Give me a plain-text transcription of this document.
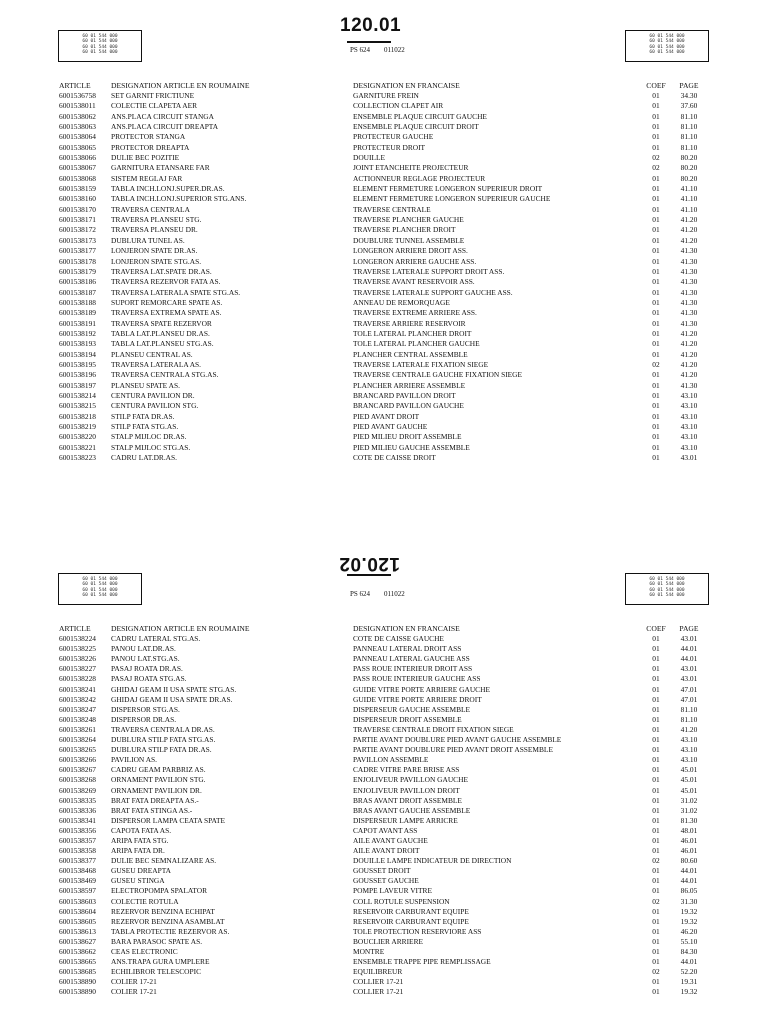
60 01 544 000
60 01 544 000
60 01 544 000
60 01 544 000
120.01
PS 624 011022
60 01 544 000
60 01 544 000
60 01 544 000
60 01 544 000
ARTICLE	DESIGNATION ARTICLE EN ROUMAINE	DESIGNATION EN FRANCAISE	COEF	PAGE
6001536758 SET GARNIT FRICTIUNE	GARNITURE FREIN	01	34.30
6001538011 COLECTIE CLAPETA AER	COLLECTION CLAPET AIR	01	37.60
6001538062 ANS.PLACA CIRCUIT STANGA	ENSEMBLE PLAQUE CIRCUIT GAUCHE	01	81.10
6001538063 ANS.PLACA CIRCUIT DREAPTA	ENSEMBLE PLAQUE CIRCUIT DROIT	01	81.10
6001538064 PROTECTOR STANGA	PROTECTEUR GAUCHE	01	81.10
6001538065 PROTECTOR DREAPTA	PROTECTEUR DROIT	01	81.10
6001538066 DULIE BEC POZITIE	DOUILLE	02	80.20
6001538067 GARNITURA ETANSARE FAR	JOINT ETANCHEITE PROJECTEUR	02	80.20
6001538068 SISTEM REGLAJ FAR	ACTIONNEUR REGLAGE PROJECTEUR	01	80.20
6001538159 TABLA INCH.LONJ.SUPER.DR.AS.	ELEMENT FERMETURE LONGERON SUPERIEUR DROIT	01	41.10
6001538160 TABLA INCH.LONJ.SUPERIOR STG.ANS.	ELEMENT FERMETURE LONGERON SUPERIEUR GAUCHE	01	41.10
6001538170 TRAVERSA CENTRALA	TRAVERSE CENTRALE	01	41.10
6001538171 TRAVERSA PLANSEU STG.	TRAVERSE PLANCHER GAUCHE	01	41.20
6001538172 TRAVERSA PLANSEU DR.	TRAVERSE PLANCHER DROIT	01	41.20
6001538173 DUBLURA TUNEL AS.	DOUBLURE TUNNEL ASSEMBLE	01	41.20
6001538177 LONJERON SPATE DR.AS.	LONGERON ARRIERE DROIT ASS.	01	41.30
6001538178 LONJERON SPATE STG.AS.	LONGERON ARRIERE GAUCHE ASS.	01	41.30
6001538179 TRAVERSA LAT.SPATE DR.AS.	TRAVERSE LATERALE SUPPORT DROIT ASS.	01	41.30
6001538186 TRAVERSA REZERVOR FATA AS.	TRAVERSE AVANT RESERVOIR ASS.	01	41.30
6001538187 TRAVERSA LATERALA SPATE STG.AS.	TRAVERSE LATERALE SUPPORT GAUCHE ASS.	01	41.30
6001538188 SUPORT REMORCARE SPATE AS.	ANNEAU DE REMORQUAGE	01	41.30
6001538189 TRAVERSA EXTREMA SPATE AS.	TRAVERSE EXTREME ARRIERE ASS.	01	41.30
6001538191 TRAVERSA SPATE REZERVOR	TRAVERSE ARRIERE RESERVOIR	01	41.30
6001538192 TABLA LAT.PLANSEU DR.AS.	TOLE LATERAL PLANCHER DROIT	01	41.20
6001538193 TABLA LAT.PLANSEU STG.AS.	TOLE LATERAL PLANCHER GAUCHE	01	41.20
6001538194 PLANSEU CENTRAL AS.	PLANCHER CENTRAL ASSEMBLE	01	41.20
6001538195 TRAVERSA LATERALA AS.	TRAVERSE LATERALE FIXATION SIEGE	02	41.20
6001538196 TRAVERSA CENTRALA STG.AS.	TRAVERSE CENTRALE GAUCHE FIXATION SIEGE	01	41.20
6001538197 PLANSEU SPATE AS.	PLANCHER ARRIERE ASSEMBLE	01	41.30
6001538214 CENTURA PAVILION DR.	BRANCARD PAVILLON DROIT	01	43.10
6001538215 CENTURA PAVILION STG.	BRANCARD PAVILLON GAUCHE	01	43.10
6001538218 STILP FATA DR.AS.	PIED AVANT DROIT	01	43.10
6001538219 STILP FATA STG.AS.	PIED AVANT GAUCHE	01	43.10
6001538220 STALP MIJLOC DR.AS.	PIED MILIEU DROIT ASSEMBLE	01	43.10
6001538221 STALP MIJLOC STG.AS.	PIED MILIEU GAUCHE ASSEMBLE	01	43.10
6001538223 CADRU LAT.DR.AS.	COTE DE CAISSE DROIT	01	43.01
60 01 544 000
60 01 544 000
60 01 544 000
60 01 544 000
120.02
PS 624 011022
60 01 544 000
60 01 544 000
60 01 544 000
60 01 544 000
ARTICLE	DESIGNATION ARTICLE EN ROUMAINE	DESIGNATION EN FRANCAISE	COEF	PAGE
6001538224 CADRU LATERAL STG.AS.	COTE DE CAISSE GAUCHE	01	43.01
6001538225 PANOU LAT.DR.AS.	PANNEAU LATERAL DROIT ASS	01	44.01
6001538226 PANOU LAT.STG.AS.	PANNEAU LATERAL GAUCHE ASS	01	44.01
6001538227 PASAJ ROATA DR.AS.	PASS ROUE INTERIEUR DROIT ASS	01	43.01
6001538228 PASAJ ROATA STG.AS.	PASS ROUE INTERIEUR GAUCHE ASS	01	43.01
6001538241 GHIDAJ GEAM II USA SPATE STG.AS.	GUIDE VITRE PORTE ARRIERE GAUCHE	01	47.01
6001538242 GHIDAJ GEAM II USA SPATE DR.AS.	GUIDE VITRE PORTE ARRIERE DROIT	01	47.01
6001538247 DISPERSOR STG.AS.	DISPERSEUR GAUCHE ASSEMBLE	01	81.10
6001538248 DISPERSOR DR.AS.	DISPERSEUR DROIT ASSEMBLE	01	81.10
6001538261 TRAVERSA CENTRALA DR.AS.	TRAVERSE CENTRALE DROIT FIXATION SIEGE	01	41.20
6001538264 DUBLURA STILP FATA STG.AS.	PARTIE AVANT DOUBLURE PIED AVANT GAUCHE ASSEMBLE	01	43.10
6001538265 DUBLURA STILP FATA DR.AS.	PARTIE AVANT DOUBLURE PIED AVANT DROIT ASSEMBLE	01	43.10
6001538266 PAVILION AS.	PAVILLON ASSEMBLE	01	43.10
6001538267 CADRU GEAM PARBRIZ AS.	CADRE VITRE PARE BRISE ASS	01	45.01
6001538268 ORNAMENT PAVILION STG.	ENJOLIVEUR PAVILLON GAUCHE	01	45.01
6001538269 ORNAMENT PAVILION DR.	ENJOLIVEUR PAVILLON DROIT	01	45.01
6001538335 BRAT FATA DREAPTA AS.-	BRAS AVANT DROIT ASSEMBLE	01	31.02
6001538336 BRAT FATA STINGA AS.-	BRAS AVANT GAUCHE ASSEMBLE	01	31.02
6001538341 DISPERSOR LAMPA CEATA SPATE	DISPERSEUR LAMPE ARRICRE	01	81.30
6001538356 CAPOTA FATA AS.	CAPOT AVANT ASS	01	48.01
6001538357 ARIPA FATA STG.	AILE AVANT GAUCHE	01	46.01
6001538358 ARIPA FATA DR.	AILE AVANT DROIT	01	46.01
6001538377 DULIE BEC SEMNALIZARE AS.	DOUILLE LAMPE INDICATEUR DE DIRECTION	02	80.60
6001538468 GUSEU DREAPTA	GOUSSET DROIT	01	44.01
6001538469 GUSEU STINGA	GOUSSET GAUCHE	01	44.01
6001538597 ELECTROPOMPA SPALATOR	POMPE LAVEUR VITRE	01	86.05
6001538603 COLECTIE ROTULA	COLL ROTULE SUSPENSION	02	31.30
6001538604 REZERVOR BENZINA ECHIPAT	RESERVOIR CARBURANT EQUIPE	01	19.32
6001538605 REZERVOR BENZINA ASAMBLAT	RESERVOIR CARBURANT EQUIPE	01	19.32
6001538613 TABLA PROTECTIE REZERVOR AS.	TOLE PROTECTION RESERVIORE ASS	01	46.20
6001538627 BARA PARASOC SPATE AS.	BOUCLIER ARRIERE	01	55.10
6001538662 CEAS ELECTRONIC	MONTRE	01	84.30
6001538665 ANS.TRAPA GURA UMPLERE	ENSEMBLE TRAPPE PIPE REMPLISSAGE	01	44.01
6001538685 ECHILIBROR TELESCOPIC	EQUILIBREUR	02	52.20
6001538890 COLIER 17-21	COLLIER 17-21	01	19.31
6001538890 COLIER 17-21	COLLIER 17-21	01	19.32
